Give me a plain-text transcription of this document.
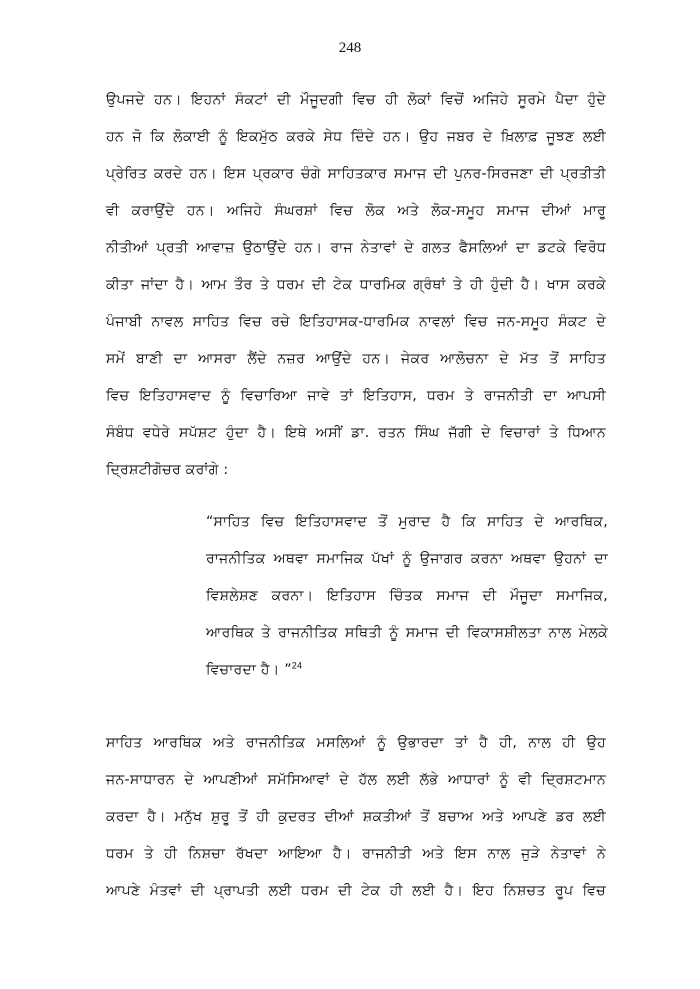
248
ਉਪਜਦੇ ਹਨ। ਇਹਨਾਂ ਸੰਕਟਾਂ ਦੀ ਮੌਜੂਦਗੀ ਵਿਚ ਹੀ ਲੋਕਾਂ ਵਿਚੋਂ ਅਜਿਹੇ ਸੂਰਮੇ ਪੈਦਾ ਹੁੰਦੇ
ਹਨ ਜੋ ਕਿ ਲੋਕਾਈ ਨੂੰ ਇਕਮੁੱਠ ਕਰਕੇ ਸੇਧ ਦਿੰਦੇ ਹਨ। ਉਹ ਜਬਰ ਦੇ ਖ਼ਿਲਾਫ਼ ਜੂਝਣ ਲਈ
ਪ੍ਰੇਰਿਤ ਕਰਦੇ ਹਨ। ਇਸ ਪ੍ਰਕਾਰ ਚੰਗੇ ਸਾਹਿਤਕਾਰ ਸਮਾਜ ਦੀ ਪੁਨਰ-ਸਿਰਜਣਾ ਦੀ ਪ੍ਰਤੀਤੀ
ਵੀ ਕਰਾਉਂਦੇ ਹਨ। ਅਜਿਹੇ ਸੰਘਰਸ਼ਾਂ ਵਿਚ ਲੋਕ ਅਤੇ ਲੋਕ-ਸਮੂਹ ਸਮਾਜ ਦੀਆਂ ਮਾਰੂ
ਨੀਤੀਆਂ ਪ੍ਰਤੀ ਆਵਾਜ਼ ਉਠਾਉਂਦੇ ਹਨ। ਰਾਜ ਨੇਤਾਵਾਂ ਦੇ ਗਲਤ ਫੈਸਲਿਆਂ ਦਾ ਡਟਕੇ ਵਿਰੋਧ
ਕੀਤਾ ਜਾਂਦਾ ਹੈ। ਆਮ ਤੌਰ ਤੇ ਧਰਮ ਦੀ ਟੇਕ ਧਾਰਮਿਕ ਗ੍ਰੰਥਾਂ ਤੇ ਹੀ ਹੁੰਦੀ ਹੈ। ਖਾਸ ਕਰਕੇ
ਪੰਜਾਬੀ ਨਾਵਲ ਸਾਹਿਤ ਵਿਚ ਰਚੇ ਇਤਿਹਾਸਕ-ਧਾਰਮਿਕ ਨਾਵਲਾਂ ਵਿਚ ਜਨ-ਸਮੂਹ ਸੰਕਟ ਦੇ
ਸਮੇਂ ਬਾਣੀ ਦਾ ਆਸਰਾ ਲੈਂਦੇ ਨਜ਼ਰ ਆਉਂਦੇ ਹਨ। ਜੇਕਰ ਆਲੋਚਨਾ ਦੇ ਮੱਤ ਤੋਂ ਸਾਹਿਤ
ਵਿਚ ਇਤਿਹਾਸਵਾਦ ਨੂੰ ਵਿਚਾਰਿਆ ਜਾਵੇ ਤਾਂ ਇਤਿਹਾਸ, ਧਰਮ ਤੇ ਰਾਜਨੀਤੀ ਦਾ ਆਪਸੀ
ਸੰਬੰਧ ਵਧੇਰੇ ਸਪੱਸ਼ਟ ਹੁੰਦਾ ਹੈ। ਇਥੇ ਅਸੀਂ ਡਾ. ਰਤਨ ਸਿੰਘ ਜੱਗੀ ਦੇ ਵਿਚਾਰਾਂ ਤੇ ਧਿਆਨ
ਦ੍ਰਿਸ਼ਟੀਗੋਚਰ ਕਰਾਂਗੇ :
“ਸਾਹਿਤ ਵਿਚ ਇਤਿਹਾਸਵਾਦ ਤੋਂ ਮੁਰਾਦ ਹੈ ਕਿ ਸਾਹਿਤ ਦੇ ਆਰਥਿਕ,
ਰਾਜਨੀਤਿਕ ਅਥਵਾ ਸਮਾਜਿਕ ਪੱਖਾਂ ਨੂੰ ਉਜਾਗਰ ਕਰਨਾ ਅਥਵਾ ਉਹਨਾਂ ਦਾ
ਵਿਸ਼ਲੇਸ਼ਣ ਕਰਨਾ। ਇਤਿਹਾਸ ਚਿੰਤਕ ਸਮਾਜ ਦੀ ਮੌਜੂਦਾ ਸਮਾਜਿਕ,
ਆਰਥਿਕ ਤੇ ਰਾਜਨੀਤਿਕ ਸਥਿਤੀ ਨੂੰ ਸਮਾਜ ਦੀ ਵਿਕਾਸਸ਼ੀਲਤਾ ਨਾਲ ਮੇਲਕੇ
ਵਿਚਾਰਦਾ ਹੈ। ”$^{24}$
ਸਾਹਿਤ ਆਰਥਿਕ ਅਤੇ ਰਾਜਨੀਤਿਕ ਮਸਲਿਆਂ ਨੂੰ ਉਭਾਰਦਾ ਤਾਂ ਹੈ ਹੀ, ਨਾਲ ਹੀ ਉਹ
ਜਨ-ਸਾਧਾਰਨ ਦੇ ਆਪਣੀਆਂ ਸਮੱਸਿਆਵਾਂ ਦੇ ਹੱਲ ਲਈ ਲੱਭੇ ਆਧਾਰਾਂ ਨੂੰ ਵੀ ਦ੍ਰਿਸ਼ਟਮਾਨ
ਕਰਦਾ ਹੈ। ਮਨੁੱਖ ਸ਼ੁਰੂ ਤੋਂ ਹੀ ਕੁਦਰਤ ਦੀਆਂ ਸ਼ਕਤੀਆਂ ਤੋਂ ਬਚਾਅ ਅਤੇ ਆਪਣੇ ਡਰ ਲਈ
ਧਰਮ ਤੇ ਹੀ ਨਿਸ਼ਚਾ ਰੱਖਦਾ ਆਇਆ ਹੈ। ਰਾਜਨੀਤੀ ਅਤੇ ਇਸ ਨਾਲ ਜੁੜੇ ਨੇਤਾਵਾਂ ਨੇ
ਆਪਣੇ ਮੰਤਵਾਂ ਦੀ ਪ੍ਰਾਪਤੀ ਲਈ ਧਰਮ ਦੀ ਟੇਕ ਹੀ ਲਈ ਹੈ। ਇਹ ਨਿਸ਼ਚਤ ਰੂਪ ਵਿਚ
